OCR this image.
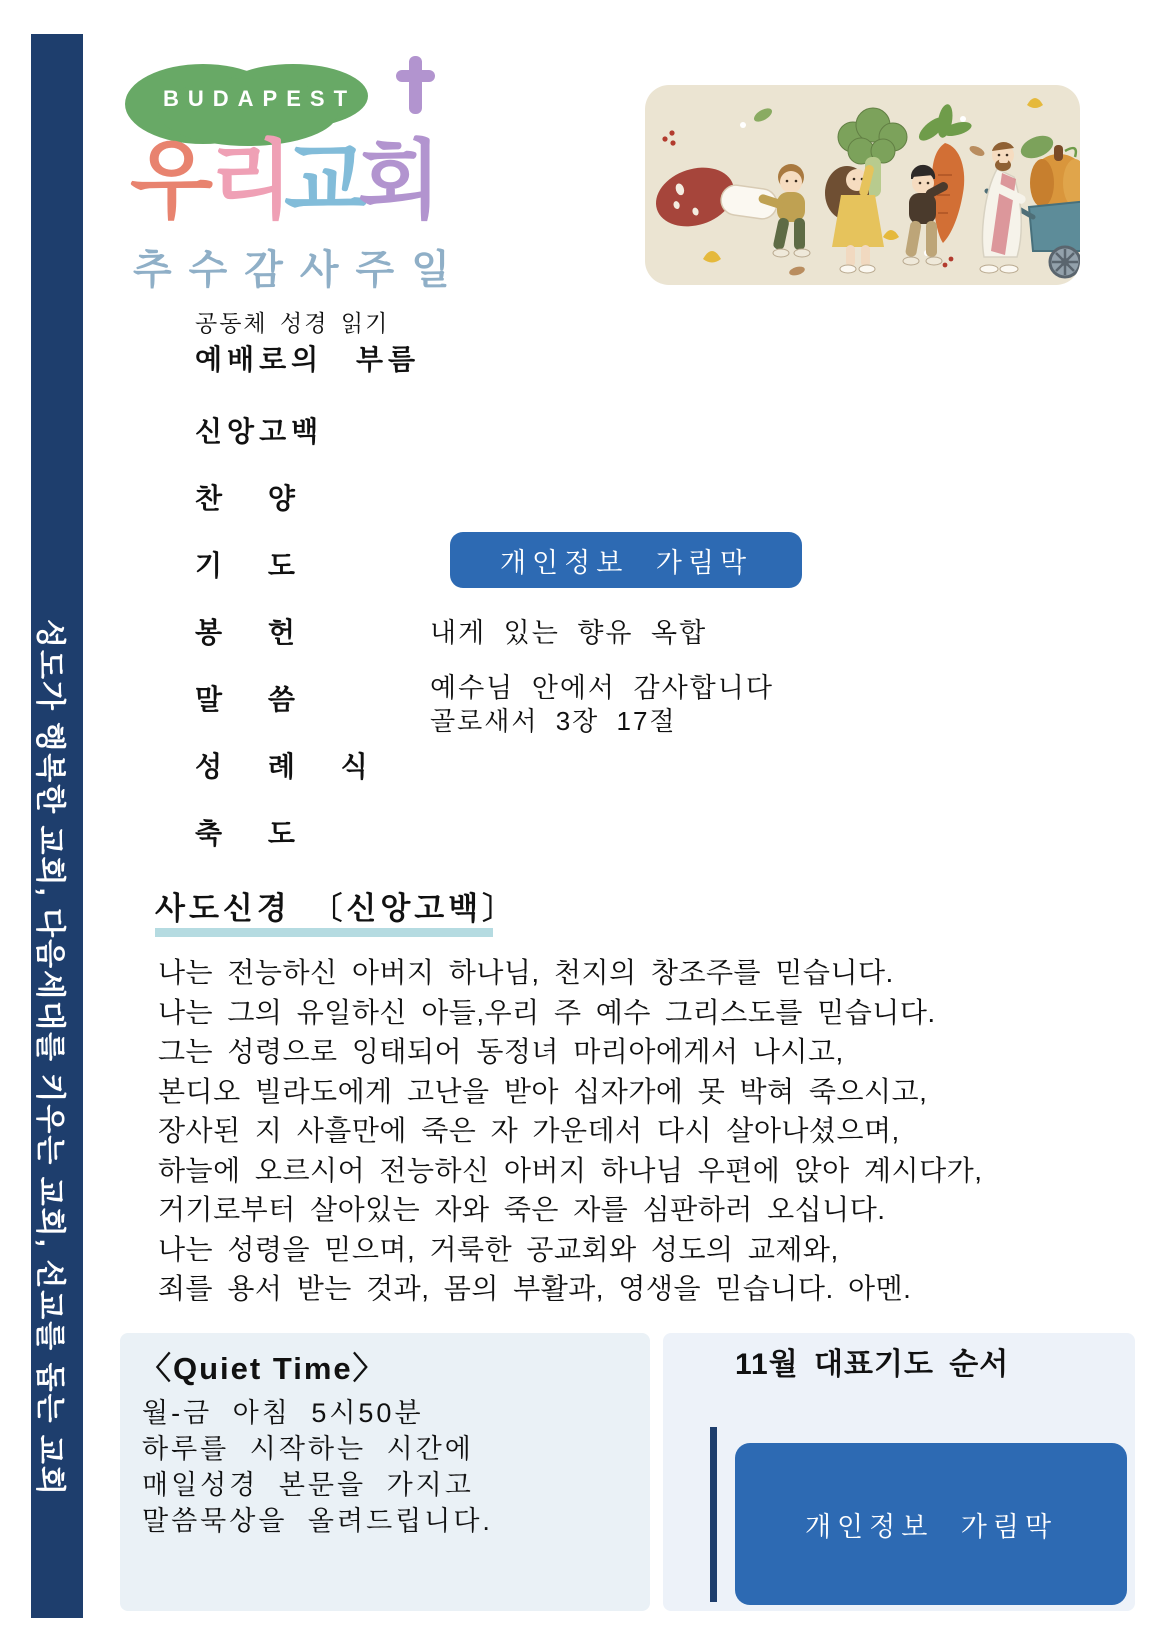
성도가 행복한 교회, 다음세대를 키우는 교회, 선교를 돕는 교회
BUDAPEST
우
리
교
회
추수감사주일
공동체 성경 읽기
예배로의 부름
신앙고백
찬 양
기 도
봉 헌
말 씀
성 례 식
축 도
개인정보 가림막
내게 있는 향유 옥합
예수님 안에서 감사합니다
골로새서 3장 17절
사도신경 〔신앙고백〕
나는 전능하신 아버지 하나님, 천지의 창조주를 믿습니다.
나는 그의 유일하신 아들,우리 주 예수 그리스도를 믿습니다.
그는 성령으로 잉태되어 동정녀 마리아에게서 나시고,
본디오 빌라도에게 고난을 받아 십자가에 못 박혀 죽으시고,
장사된 지 사흘만에 죽은 자 가운데서 다시 살아나셨으며,
하늘에 오르시어 전능하신 아버지 하나님 우편에 앉아 계시다가,
거기로부터 살아있는 자와 죽은 자를 심판하러 오십니다.
나는 성령을 믿으며, 거룩한 공교회와 성도의 교제와,
죄를 용서 받는 것과, 몸의 부활과, 영생을 믿습니다. 아멘.
〈Quiet Time〉
월-금 아침 5시50분
하루를 시작하는 시간에
매일성경 본문을 가지고
말씀묵상을 올려드립니다.
11월 대표기도 순서
개인정보 가림막
